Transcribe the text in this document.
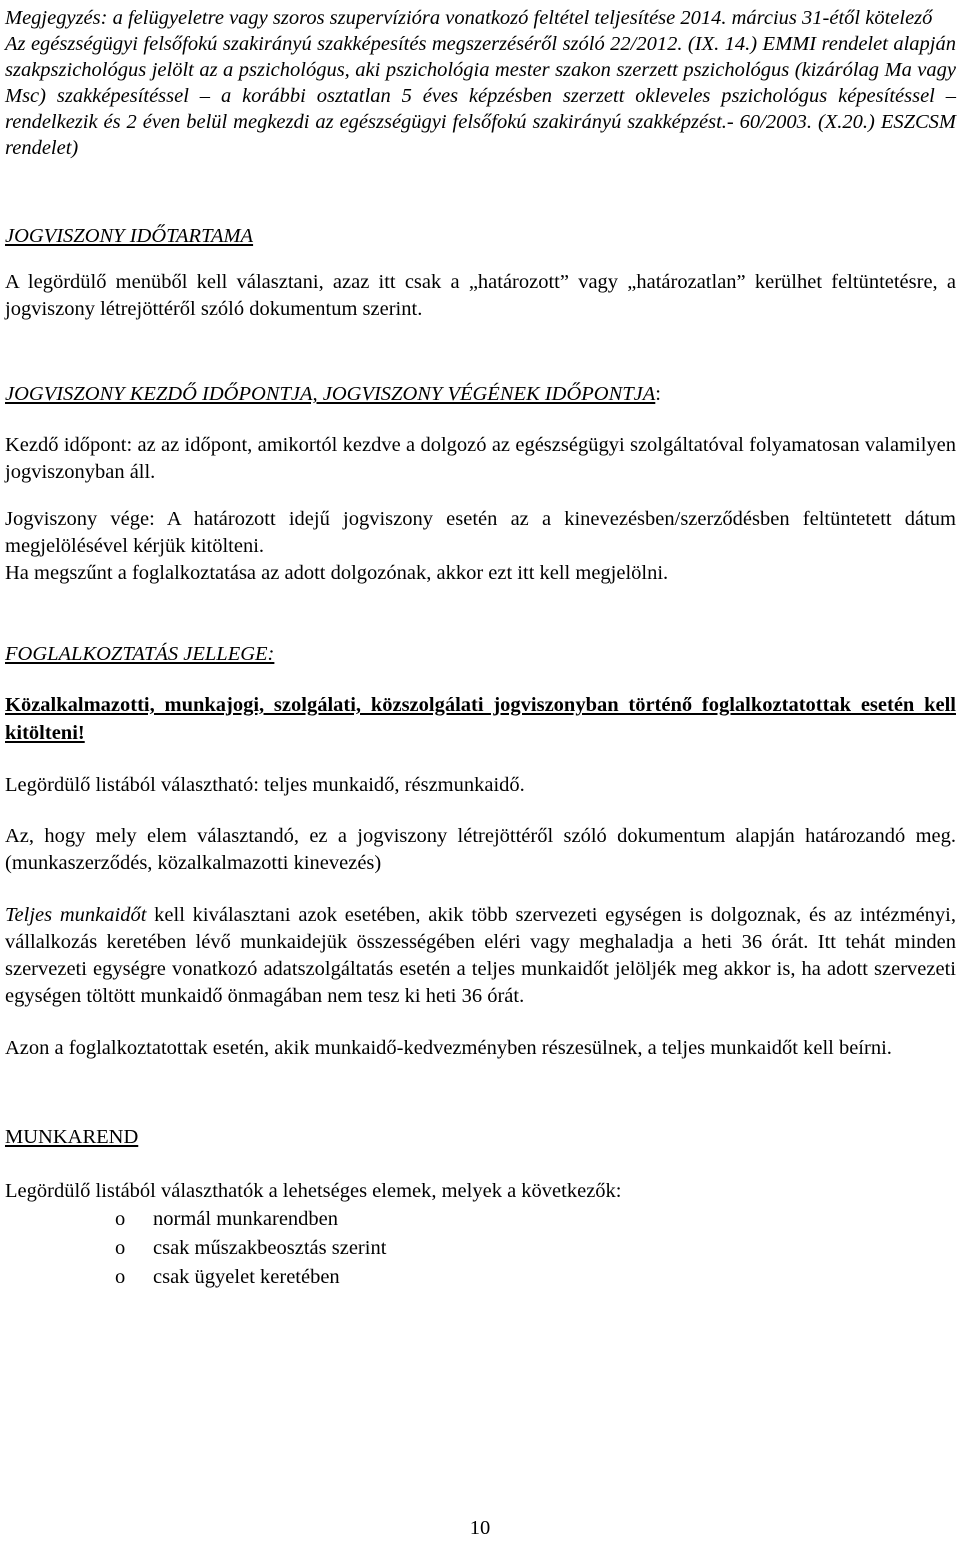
Megjegyzés: a felügyeletre vagy szoros szupervízióra vonatkozó feltétel teljesítése 2014. március 31-étől kötelező

Az egészségügyi felsőfokú szakirányú szakképesítés megszerzéséről szóló 22/2012. (IX. 14.) EMMI rendelet alapján szakpszichológus jelölt az a pszichológus, aki pszichológia mester szakon szerzett pszichológus (kizárólag Ma vagy Msc) szakképesítéssel – a korábbi osztatlan 5 éves képzésben szerzett okleveles pszichológus képesítéssel – rendelkezik és 2 éven belül megkezdi az egészségügyi felsőfokú szakirányú szakképzést.- 60/2003. (X.20.) ESZCSM rendelet)

JOGVISZONY IDŐTARTAMA

A legördülő menüből kell választani, azaz itt csak a „határozott” vagy „határozatlan” kerülhet feltüntetésre, a jogviszony létrejöttéről szóló dokumentum szerint.

JOGVISZONY KEZDŐ IDŐPONTJA, JOGVISZONY VÉGÉNEK IDŐPONTJA:

Kezdő időpont: az az időpont, amikortól kezdve a dolgozó az egészségügyi szolgáltatóval folyamatosan valamilyen jogviszonyban áll.

Jogviszony vége: A határozott idejű jogviszony esetén az a kinevezésben/szerződésben feltüntetett dátum megjelölésével kérjük kitölteni.

Ha megszűnt a foglalkoztatása az adott dolgozónak, akkor ezt itt kell megjelölni.

FOGLALKOZTATÁS JELLEGE:

Közalkalmazotti, munkajogi, szolgálati, közszolgálati jogviszonyban történő foglalkoztatottak esetén kell kitölteni!

Legördülő listából választható: teljes munkaidő, részmunkaidő.

Az, hogy mely elem választandó, ez a jogviszony létrejöttéről szóló dokumentum alapján határozandó meg. (munkaszerződés, közalkalmazotti kinevezés)

Teljes munkaidőt kell kiválasztani azok esetében, akik több szervezeti egységen is dolgoznak, és az intézményi, vállalkozás keretében lévő munkaidejük összességében eléri vagy meghaladja a heti 36 órát. Itt tehát minden szervezeti egységre vonatkozó adatszolgáltatás esetén a teljes munkaidőt jelöljék meg akkor is, ha adott szervezeti egységen töltött munkaidő önmagában nem tesz ki heti 36 órát.

Azon a foglalkoztatottak esetén, akik munkaidő-kedvezményben részesülnek, a teljes munkaidőt kell beírni.

MUNKAREND

Legördülő listából választhatók a lehetséges elemek, melyek a következők:

o normál munkarendben
o csak műszakbeosztás szerint
o csak ügyelet keretében
10
